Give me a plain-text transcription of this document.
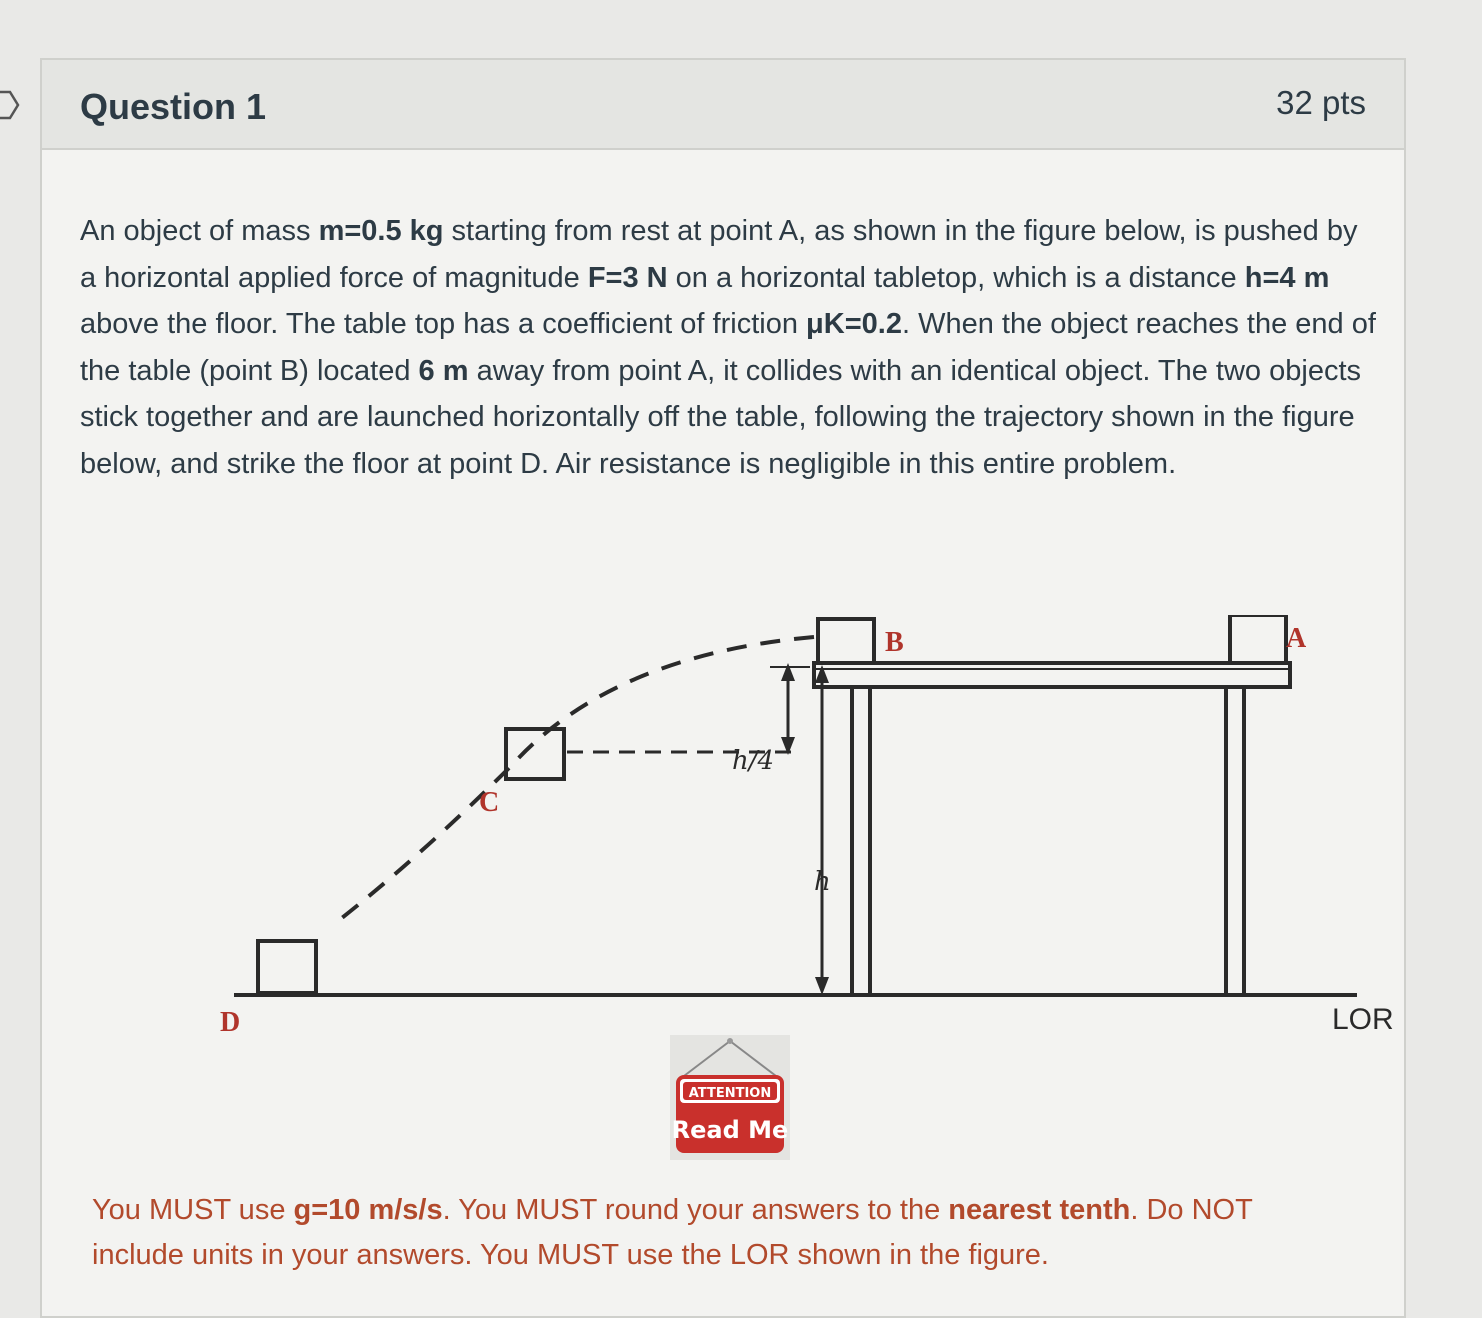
Question 1	32 pts
An object of mass m=0.5 kg starting from rest at point A, as shown in the figure below, is pushed by a horizontal applied force of magnitude F=3 N on a horizontal tabletop, which is a distance h=4 m above the floor. The table top has a coefficient of friction μK=0.2. When the object reaches the end of the table (point B) located 6 m away from point A, it collides with an identical object. The two objects stick together and are launched horizontally off the table, following the trajectory shown in the figure below, and strike the floor at point D. Air resistance is negligible in this entire problem.
B	A
C
D
h/4
h
LOR
ATTENTION
Read Me
You MUST use g=10 m/s/s. You MUST round your answers to the nearest tenth. Do NOT include units in your answers. You MUST use the LOR shown in the figure.
